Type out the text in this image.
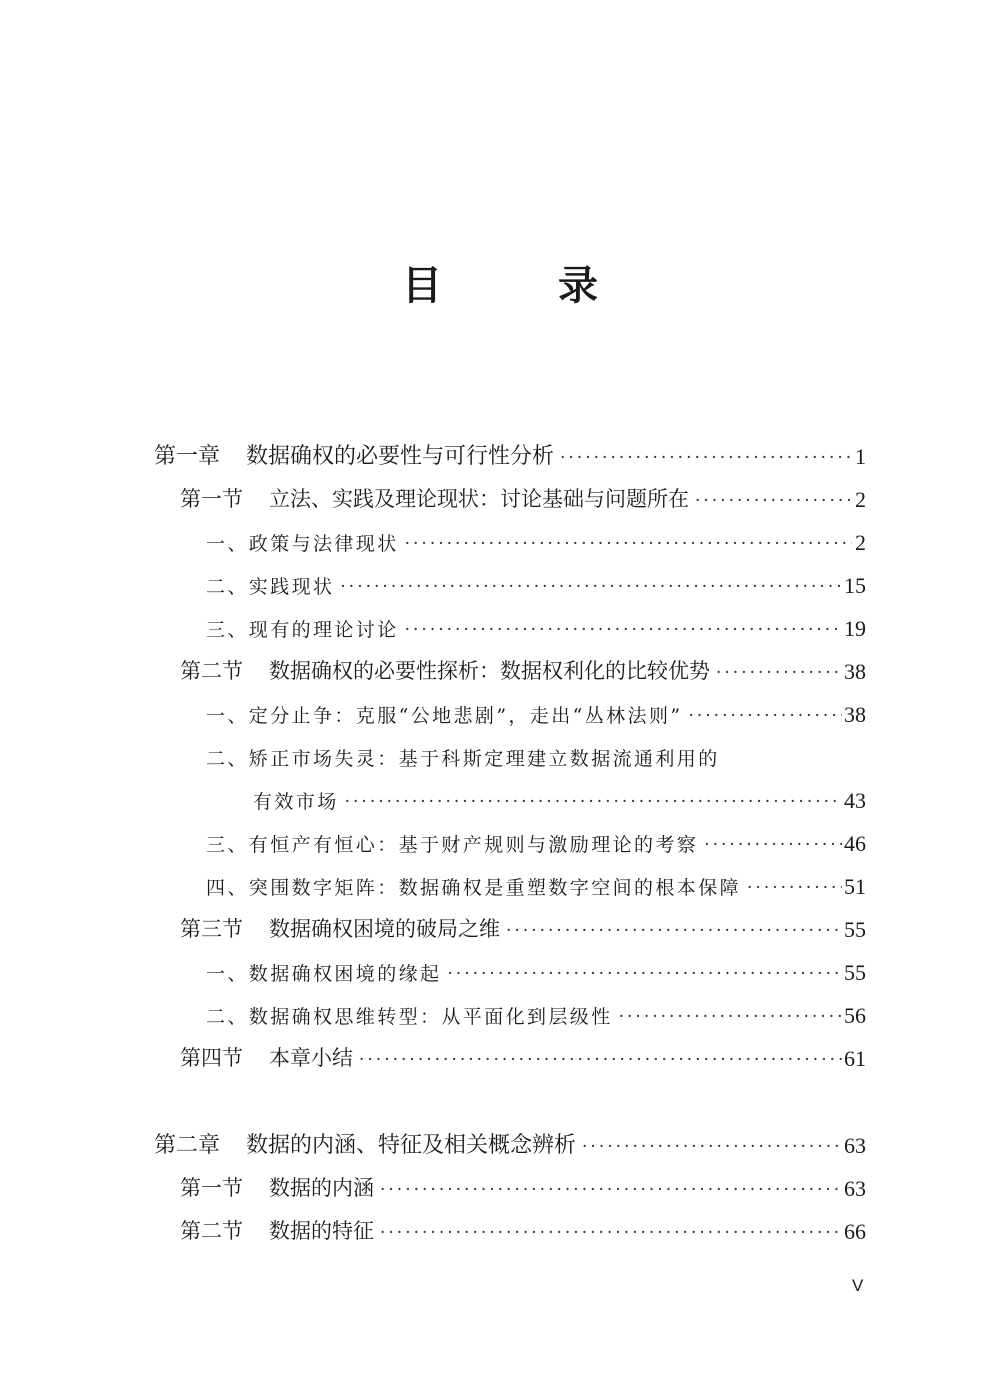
目　录
第一章 数据确权的必要性与可行性分析 ·····	1
第一节 立法、实践及理论现状：讨论基础与问题所在 ·····	2
一、政策与法律现状 ·····	2
二、实践现状 ·····	15
三、现有的理论讨论 ·····	19
第二节 数据确权的必要性探析：数据权利化的比较优势 ·····	38
一、定分止争：克服“公地悲剧”，走出“丛林法则” ·····	38
二、矫正市场失灵：基于科斯定理建立数据流通利用的
有效市场 ·····	43
三、有恒产有恒心：基于财产规则与激励理论的考察 ·····	46
四、突围数字矩阵：数据确权是重塑数字空间的根本保障 ·····	51
第三节 数据确权困境的破局之维 ·····	55
一、数据确权困境的缘起 ·····	55
二、数据确权思维转型：从平面化到层级性 ·····	56
第四节 本章小结 ·····	61
第二章 数据的内涵、特征及相关概念辨析 ·····	63
第一节 数据的内涵 ·····	63
第二节 数据的特征 ·····	66
V
